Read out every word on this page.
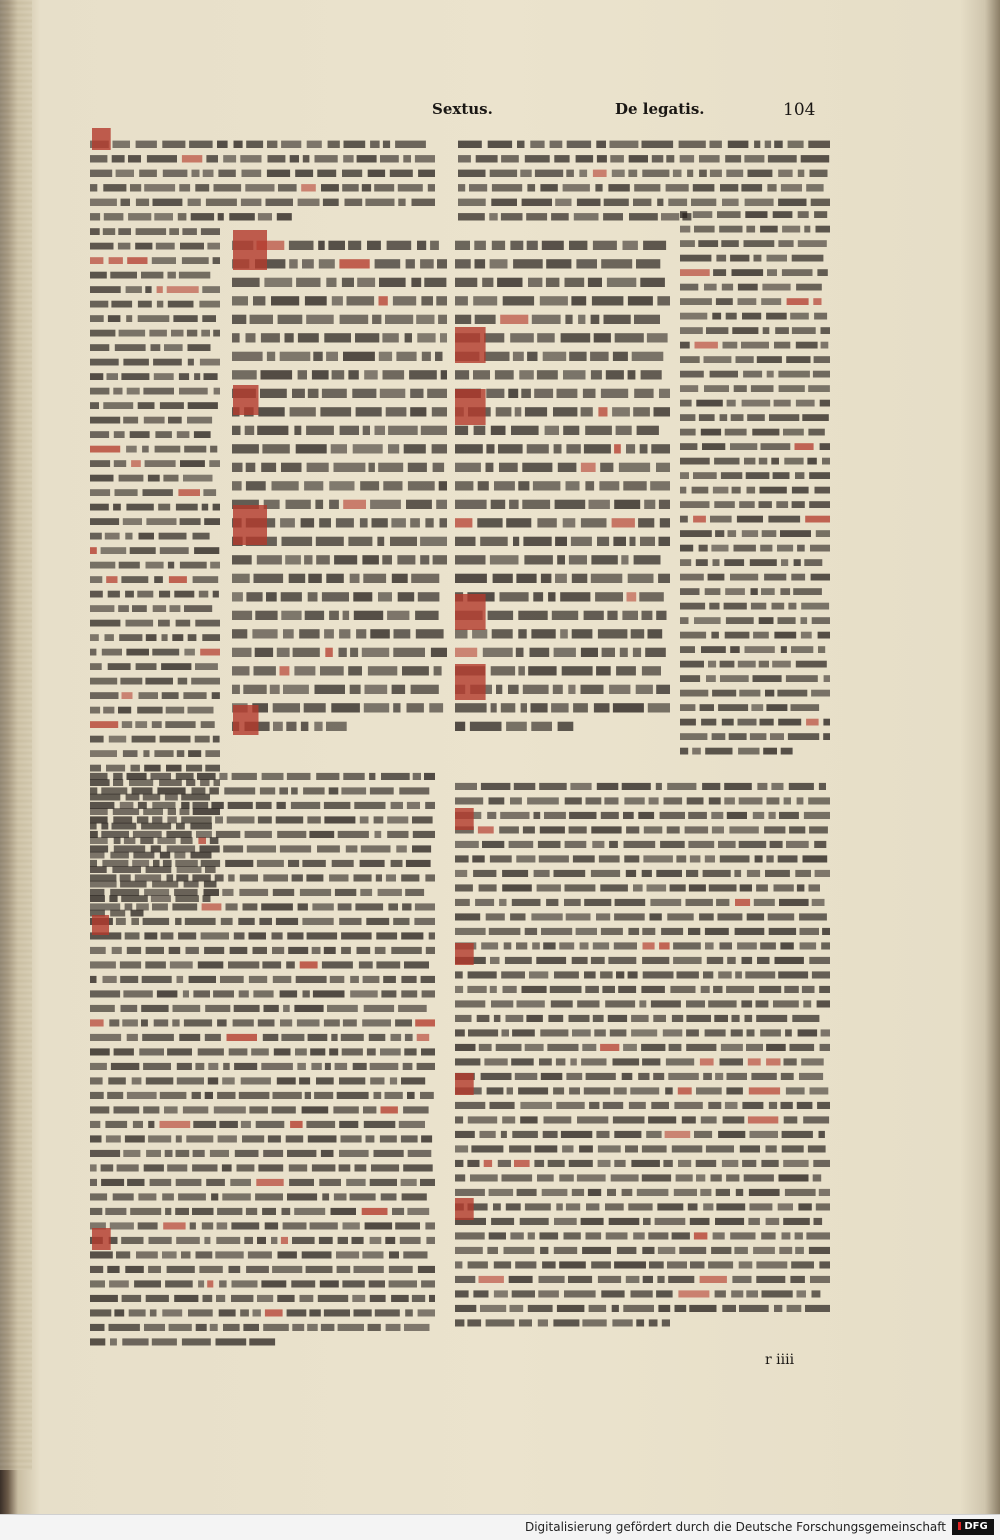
Sextus.	De legatis.	104
r iiii
Digitalisierung gefördert durch die Deutsche Forschungsgemeinschaft	DFG
